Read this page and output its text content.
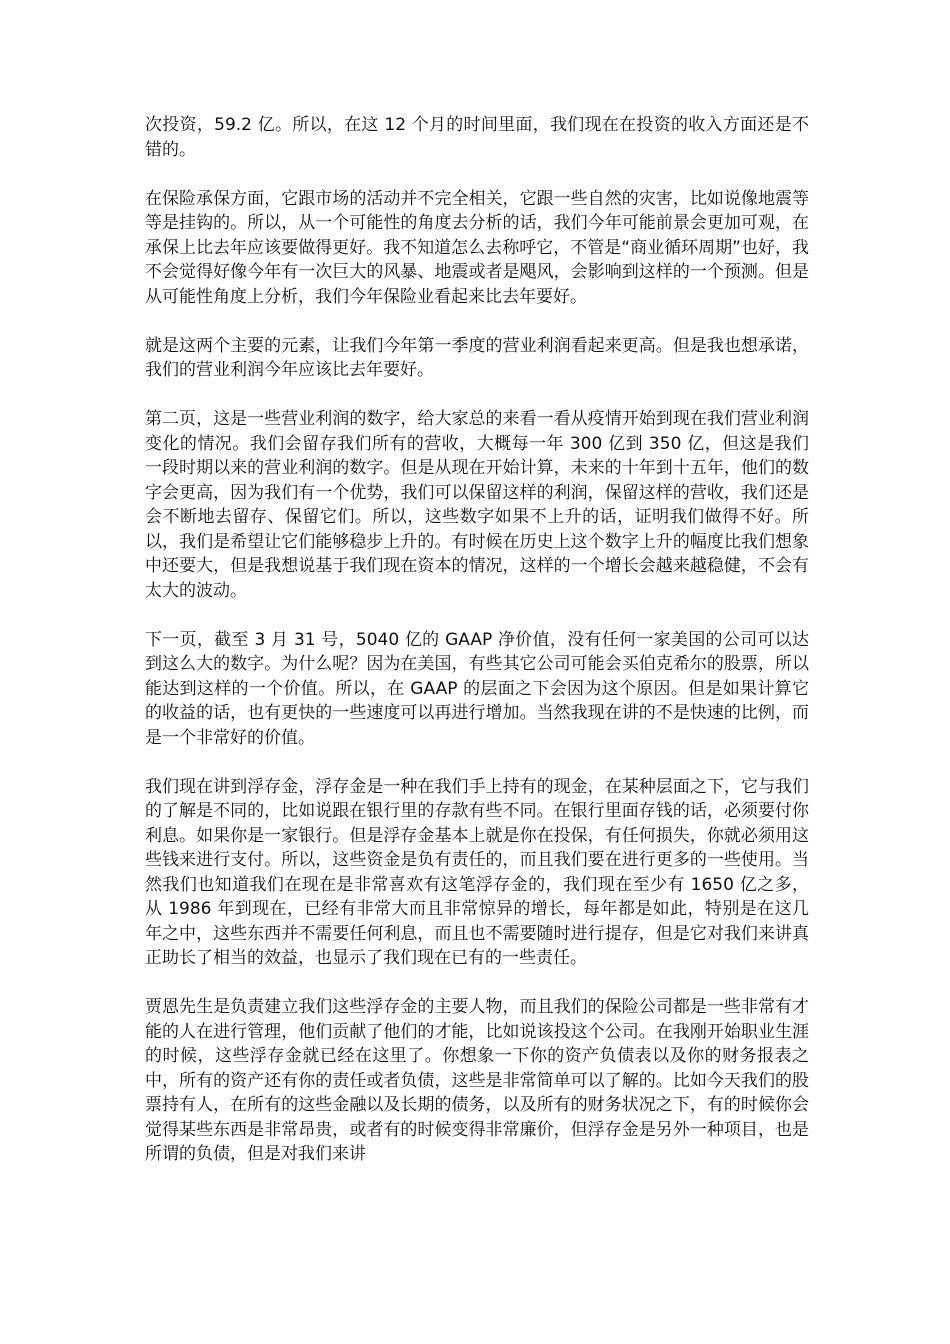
次投资，59.2 亿。所以，在这 12 个月的时间里面，我们现在在投资的收入方面还是不错的。

在保险承保方面，它跟市场的活动并不完全相关，它跟一些自然的灾害，比如说像地震等等是挂钩的。所以，从一个可能性的角度去分析的话，我们今年可能前景会更加可观，在承保上比去年应该要做得更好。我不知道怎么去称呼它，不管是“商业循环周期”也好，我不会觉得好像今年有一次巨大的风暴、地震或者是飓风，会影响到这样的一个预测。但是从可能性角度上分析，我们今年保险业看起来比去年要好。

就是这两个主要的元素，让我们今年第一季度的营业利润看起来更高。但是我也想承诺，我们的营业利润今年应该比去年要好。

第二页，这是一些营业利润的数字，给大家总的来看一看从疫情开始到现在我们营业利润变化的情况。我们会留存我们所有的营收，大概每一年 300 亿到 350 亿，但这是我们一段时期以来的营业利润的数字。但是从现在开始计算，未来的十年到十五年，他们的数字会更高，因为我们有一个优势，我们可以保留这样的利润，保留这样的营收，我们还是会不断地去留存、保留它们。所以，这些数字如果不上升的话，证明我们做得不好。所以，我们是希望让它们能够稳步上升的。有时候在历史上这个数字上升的幅度比我们想象中还要大，但是我想说基于我们现在资本的情况，这样的一个增长会越来越稳健，不会有太大的波动。

下一页，截至 3 月 31 号，5040 亿的 GAAP 净价值，没有任何一家美国的公司可以达到这么大的数字。为什么呢？因为在美国，有些其它公司可能会买伯克希尔的股票，所以能达到这样的一个价值。所以，在 GAAP 的层面之下会因为这个原因。但是如果计算它的收益的话，也有更快的一些速度可以再进行增加。当然我现在讲的不是快速的比例，而是一个非常好的价值。

我们现在讲到浮存金，浮存金是一种在我们手上持有的现金，在某种层面之下，它与我们的了解是不同的，比如说跟在银行里的存款有些不同。在银行里面存钱的话，必须要付你利息。如果你是一家银行。但是浮存金基本上就是你在投保，有任何损失，你就必须用这些钱来进行支付。所以，这些资金是负有责任的，而且我们要在进行更多的一些使用。当然我们也知道我们在现在是非常喜欢有这笔浮存金的，我们现在至少有 1650 亿之多，从 1986 年到现在，已经有非常大而且非常惊异的增长，每年都是如此，特别是在这几年之中，这些东西并不需要任何利息，而且也不需要随时进行提存，但是它对我们来讲真正助长了相当的效益，也显示了我们现在已有的一些责任。

贾恩先生是负责建立我们这些浮存金的主要人物，而且我们的保险公司都是一些非常有才能的人在进行管理，他们贡献了他们的才能，比如说该投这个公司。在我刚开始职业生涯的时候，这些浮存金就已经在这里了。你想象一下你的资产负债表以及你的财务报表之中，所有的资产还有你的责任或者负债，这些是非常简单可以了解的。比如今天我们的股票持有人，在所有的这些金融以及长期的债务，以及所有的财务状况之下，有的时候你会觉得某些东西是非常昂贵，或者有的时候变得非常廉价，但浮存金是另外一种项目，也是所谓的负债，但是对我们来讲
